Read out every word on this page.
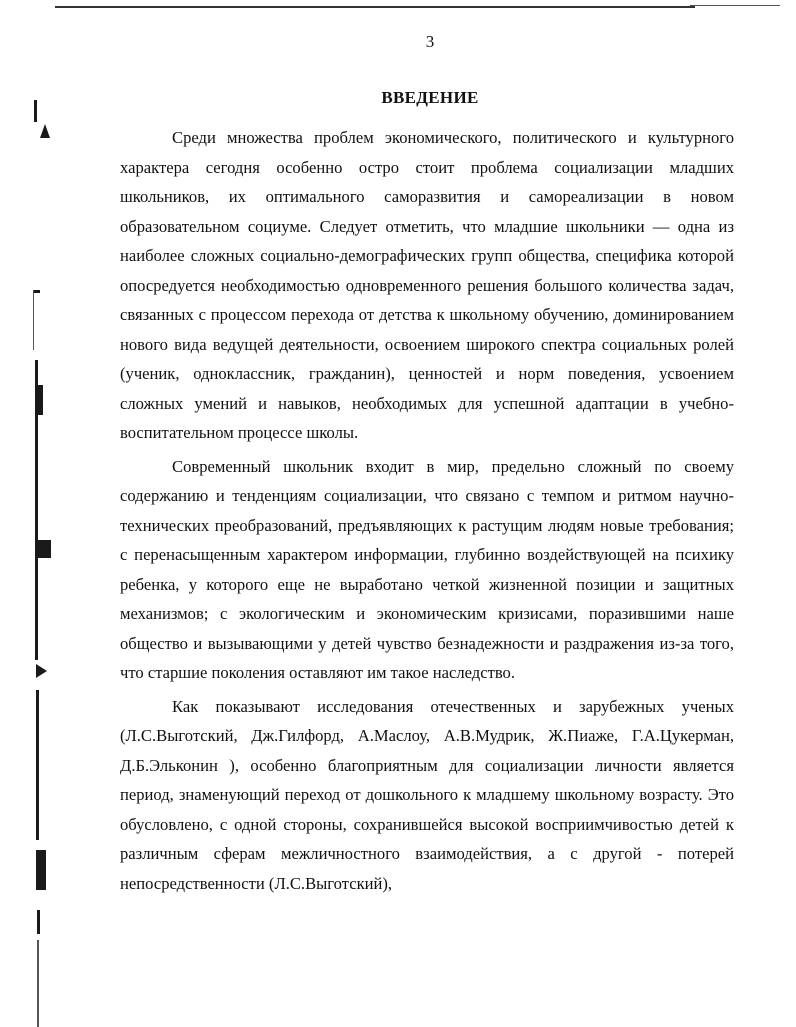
3
ВВЕДЕНИЕ

Среди множества проблем экономического, политического и культурного характера сегодня особенно остро стоит проблема социализации младших школьников, их оптимального саморазвития и самореализации в новом образовательном социуме. Следует отметить, что младшие школьники — одна из наиболее сложных социально-демографических групп общества, специфика которой опосредуется необходимостью одновременного решения большого количества задач, связанных с процессом перехода от детства к школьному обучению, доминированием нового вида ведущей деятельности, освоением широкого спектра социальных ролей (ученик, одноклассник, гражданин), ценностей и норм поведения, усвоением сложных умений и навыков, необходимых для успешной адаптации в учебно-воспитательном процессе школы.

Современный школьник входит в мир, предельно сложный по своему содержанию и тенденциям социализации, что связано с темпом и ритмом научно-технических преобразований, предъявляющих к растущим людям новые требования; с перенасыщенным характером информации, глубинно воздействующей на психику ребенка, у которого еще не выработано четкой жизненной позиции и защитных механизмов; с экологическим и экономическим кризисами, поразившими наше общество и вызывающими у детей чувство безнадежности и раздражения из-за того, что старшие поколения оставляют им такое наследство.

Как показывают исследования отечественных и зарубежных ученых (Л.С.Выготский, Дж.Гилфорд, А.Маслоу, А.В.Мудрик, Ж.Пиаже, Г.А.Цукерман, Д.Б.Эльконин ), особенно благоприятным для социализации личности является период, знаменующий переход от дошкольного к младшему школьному возрасту. Это обусловлено, с одной стороны, сохранившейся высокой восприимчивостью детей к различным сферам межличностного взаимодействия, а с другой - потерей непосредственности (Л.С.Выготский),
